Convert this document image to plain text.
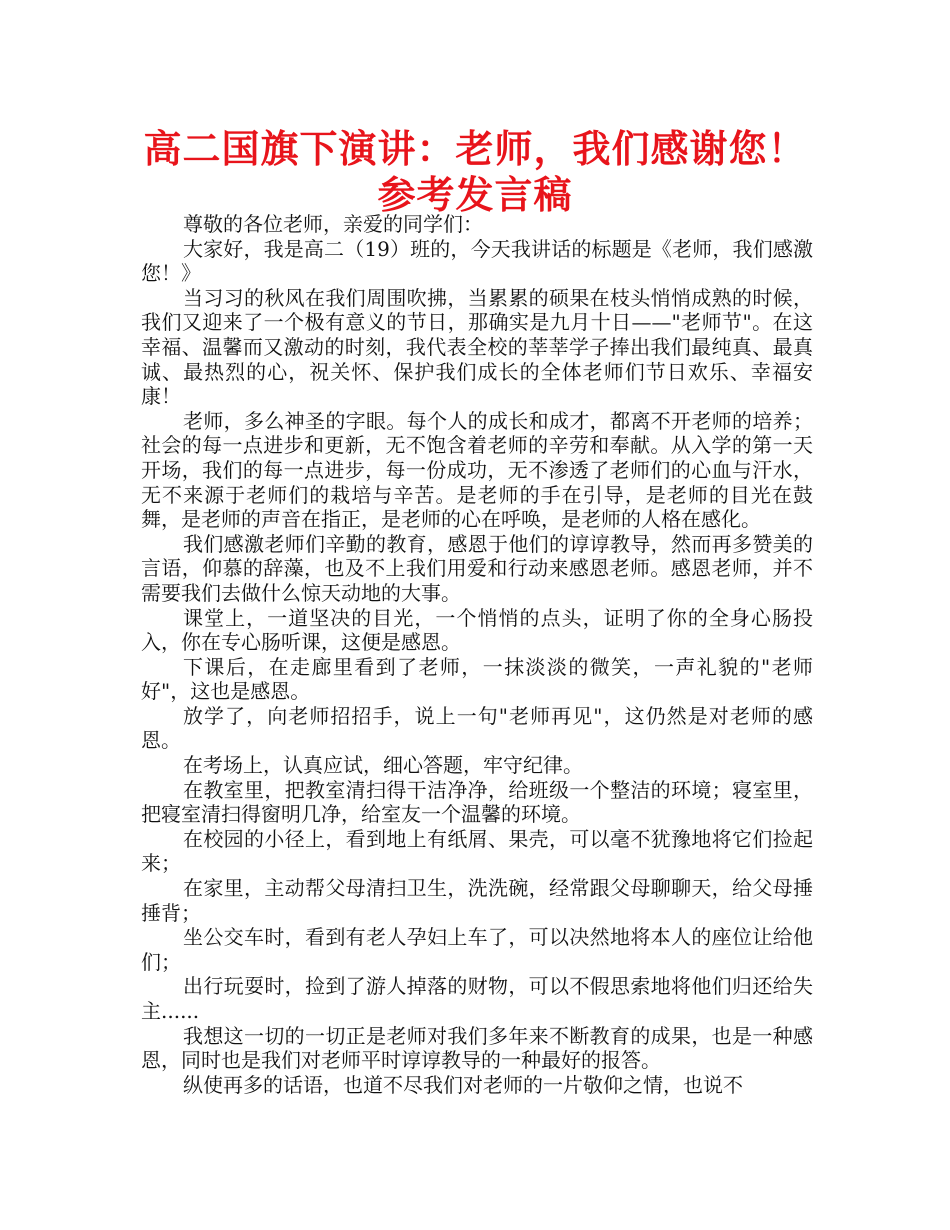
高二国旗下演讲：老师，我们感谢您！参考发言稿

尊敬的各位老师，亲爱的同学们：

大家好，我是高二（19）班的，今天我讲话的标题是《老师，我们感激您！》

当习习的秋风在我们周围吹拂，当累累的硕果在枝头悄悄成熟的时候，我们又迎来了一个极有意义的节日，那确实是九月十日——"老师节"。在这幸福、温馨而又激动的时刻，我代表全校的莘莘学子捧出我们最纯真、最真诚、最热烈的心，祝关怀、保护我们成长的全体老师们节日欢乐、幸福安康！

老师，多么神圣的字眼。每个人的成长和成才，都离不开老师的培养；社会的每一点进步和更新，无不饱含着老师的辛劳和奉献。从入学的第一天开场，我们的每一点进步，每一份成功，无不渗透了老师们的心血与汗水，无不来源于老师们的栽培与辛苦。是老师的手在引导，是老师的目光在鼓舞，是老师的声音在指正，是老师的心在呼唤，是老师的人格在感化。

我们感激老师们辛勤的教育，感恩于他们的谆谆教导，然而再多赞美的言语，仰慕的辞藻，也及不上我们用爱和行动来感恩老师。感恩老师，并不需要我们去做什么惊天动地的大事。

课堂上，一道坚决的目光，一个悄悄的点头，证明了你的全身心肠投入，你在专心肠听课，这便是感恩。

下课后，在走廊里看到了老师，一抹淡淡的微笑，一声礼貌的"老师好"，这也是感恩。

放学了，向老师招招手，说上一句"老师再见"，这仍然是对老师的感恩。

在考场上，认真应试，细心答题，牢守纪律。

在教室里，把教室清扫得干洁净净，给班级一个整洁的环境；寝室里，把寝室清扫得窗明几净，给室友一个温馨的环境。

在校园的小径上，看到地上有纸屑、果壳，可以毫不犹豫地将它们捡起来；

在家里，主动帮父母清扫卫生，洗洗碗，经常跟父母聊聊天，给父母捶捶背；

坐公交车时，看到有老人孕妇上车了，可以决然地将本人的座位让给他们；

出行玩耍时，捡到了游人掉落的财物，可以不假思索地将他们归还给失主......

我想这一切的一切正是老师对我们多年来不断教育的成果，也是一种感恩，同时也是我们对老师平时谆谆教导的一种最好的报答。

纵使再多的话语，也道不尽我们对老师的一片敬仰之情，也说不
